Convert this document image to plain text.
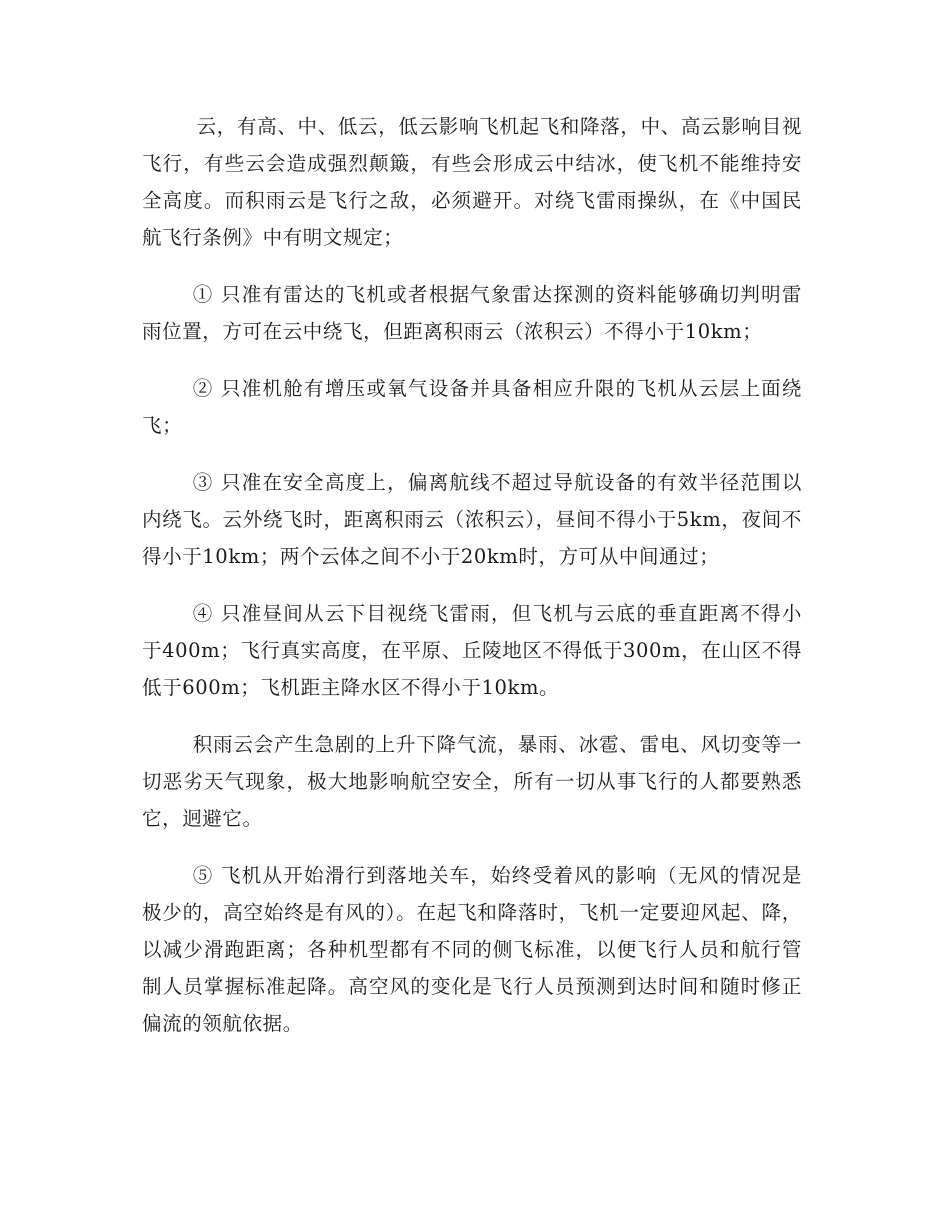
云，有高、中、低云，低云影响飞机起飞和降落，中、高云影响目视飞行，有些云会造成强烈颠簸，有些会形成云中结冰，使飞机不能维持安全高度。而积雨云是飞行之敌，必须避开。对绕飞雷雨操纵，在《中国民航飞行条例》中有明文规定；

① 只准有雷达的飞机或者根据气象雷达探测的资料能够确切判明雷雨位置，方可在云中绕飞，但距离积雨云（浓积云）不得小于10km；

② 只准机舱有增压或氧气设备并具备相应升限的飞机从云层上面绕飞；

③ 只准在安全高度上，偏离航线不超过导航设备的有效半径范围以内绕飞。云外绕飞时，距离积雨云（浓积云），昼间不得小于5km，夜间不得小于10km；两个云体之间不小于20km时，方可从中间通过；

④ 只准昼间从云下目视绕飞雷雨，但飞机与云底的垂直距离不得小于400m；飞行真实高度，在平原、丘陵地区不得低于300m，在山区不得低于600m；飞机距主降水区不得小于10km。

积雨云会产生急剧的上升下降气流，暴雨、冰雹、雷电、风切变等一切恶劣天气现象，极大地影响航空安全，所有一切从事飞行的人都要熟悉它，迥避它。

⑤ 飞机从开始滑行到落地关车，始终受着风的影响（无风的情况是极少的，高空始终是有风的）。在起飞和降落时，飞机一定要迎风起、降，以减少滑跑距离；各种机型都有不同的侧飞标准，以便飞行人员和航行管制人员掌握标准起降。高空风的变化是飞行人员预测到达时间和随时修正偏流的领航依据。
